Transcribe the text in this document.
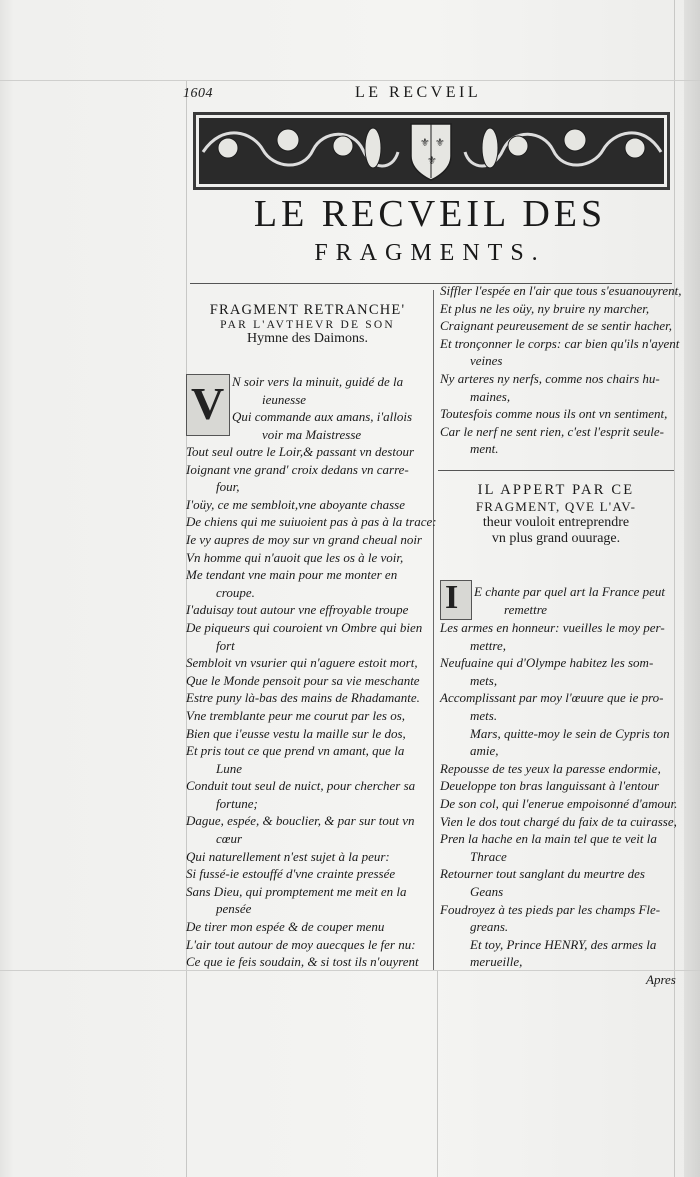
1604	LE RECVEIL
⚜ ⚜
⚜
LE RECVEIL DES
FRAGMENTS.
FRAGMENT RETRANCHE'
PAR L'AVTHEVR DE SON
Hymne des Daimons.
V N soir vers la minuit, guidé de la
ieunesse
Qui commande aux amans, i'allois
voir ma Maistresse
Tout seul outre le Loir,& passant vn destour
Ioignant vne grand' croix dedans vn carre-
four,
I'oüy, ce me sembloit,vne aboyante chasse
De chiens qui me suiuoient pas à pas à la trace:
Ie vy aupres de moy sur vn grand cheual noir
Vn homme qui n'auoit que les os à le voir,
Me tendant vne main pour me monter en
croupe.
I'aduisay tout autour vne effroyable troupe
De piqueurs qui couroient vn Ombre qui bien
fort
Sembloit vn vsurier qui n'aguere estoit mort,
Que le Monde pensoit pour sa vie meschante
Estre puny là-bas des mains de Rhadamante.
Vne tremblante peur me courut par les os,
Bien que i'eusse vestu la maille sur le dos,
Et pris tout ce que prend vn amant, que la
Lune
Conduit tout seul de nuict, pour chercher sa
fortune;
Dague, espée, & bouclier, & par sur tout vn
cœur
Qui naturellement n'est sujet à la peur:
Si fussé-ie estouffé d'vne crainte pressée
Sans Dieu, qui promptement me meit en la
pensée
De tirer mon espée & de couper menu
L'air tout autour de moy auecques le fer nu:
Ce que ie feis soudain, & si tost ils n'ouyrent
Siffler l'espée en l'air que tous s'esuanouyrent,
Et plus ne les oüy, ny bruire ny marcher,
Craignant peureusement de se sentir hacher,
Et tronçonner le corps: car bien qu'ils n'ayent
veines
Ny arteres ny nerfs, comme nos chairs hu-
maines,
Toutesfois comme nous ils ont vn sentiment,
Car le nerf ne sent rien, c'est l'esprit seule-
ment.
IL APPERT PAR CE
FRAGMENT, QVE L'AV-
theur vouloit entreprendre
vn plus grand ouurage.
I E chante par quel art la France peut
remettre
Les armes en honneur: vueilles le moy per-
mettre,
Neufuaine qui d'Olympe habitez les som-
mets,
Accomplissant par moy l'œuure que ie pro-
mets.
Mars, quitte-moy le sein de Cypris ton
amie,
Repousse de tes yeux la paresse endormie,
Deueloppe ton bras languissant à l'entour
De son col, qui l'enerue empoisonné d'amour.
Vien le dos tout chargé du faix de ta cuirasse,
Pren la hache en la main tel que te veit la
Thrace
Retourner tout sanglant du meurtre des
Geans
Foudroyez à tes pieds par les champs Fle-
greans.
Et toy, Prince HENRY, des armes la
merueille,
Apres
